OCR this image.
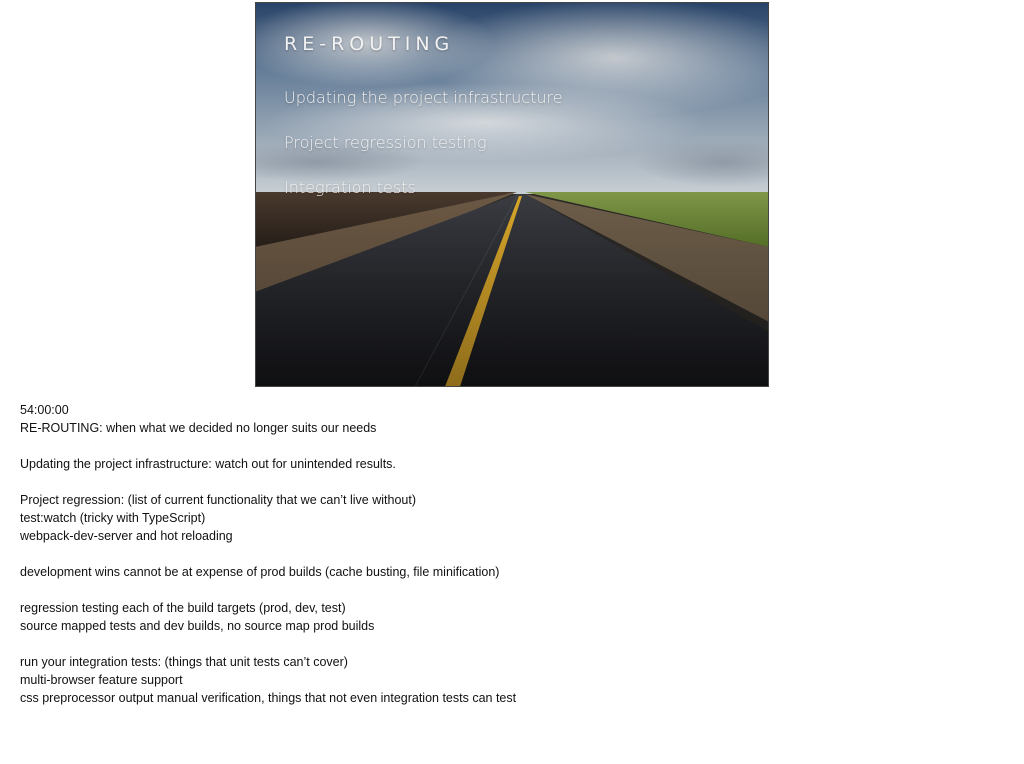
RE-ROUTING
Updating the project infrastructure
Project regression testing
Integration tests
54:00:00
RE-ROUTING: when what we decided no longer suits our needs
Updating the project infrastructure: watch out for unintended results.
Project regression: (list of current functionality that we can’t live without)
test:watch (tricky with TypeScript)
webpack-dev-server and hot reloading
development wins cannot be at expense of prod builds (cache busting, file minification)
regression testing each of the build targets (prod, dev, test)
source mapped tests and dev builds, no source map prod builds
run your integration tests: (things that unit tests can’t cover)
multi-browser feature support
css preprocessor output manual verification, things that not even integration tests can test
